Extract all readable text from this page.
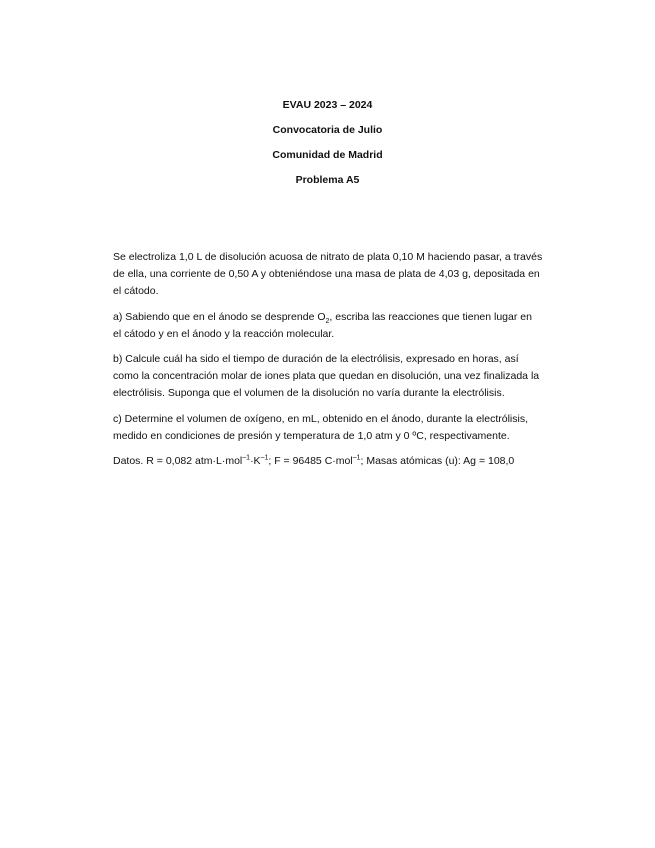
EVAU 2023 – 2024
Convocatoria de Julio
Comunidad de Madrid
Problema A5

Se electroliza 1,0 L de disolución acuosa de nitrato de plata 0,10 M haciendo pasar, a través de ella, una corriente de 0,50 A y obteniéndose una masa de plata de 4,03 g, depositada en el cátodo.

a) Sabiendo que en el ánodo se desprende $O_2$, escriba las reacciones que tienen lugar en el cátodo y en el ánodo y la reacción molecular.

b) Calcule cuál ha sido el tiempo de duración de la electrólisis, expresado en horas, así como la concentración molar de iones plata que quedan en disolución, una vez finalizada la electrólisis. Suponga que el volumen de la disolución no varía durante la electrólisis.

c) Determine el volumen de oxígeno, en mL, obtenido en el ánodo, durante la electrólisis, medido en condiciones de presión y temperatura de 1,0 atm y 0 ºC, respectivamente.

Datos. R = 0,082 $atm\cdot L\cdot mol^{-1}\cdot K^{-1}$; F = 96485 C·mol$^{-1}$; Masas atómicas (u): Ag = 108,0
